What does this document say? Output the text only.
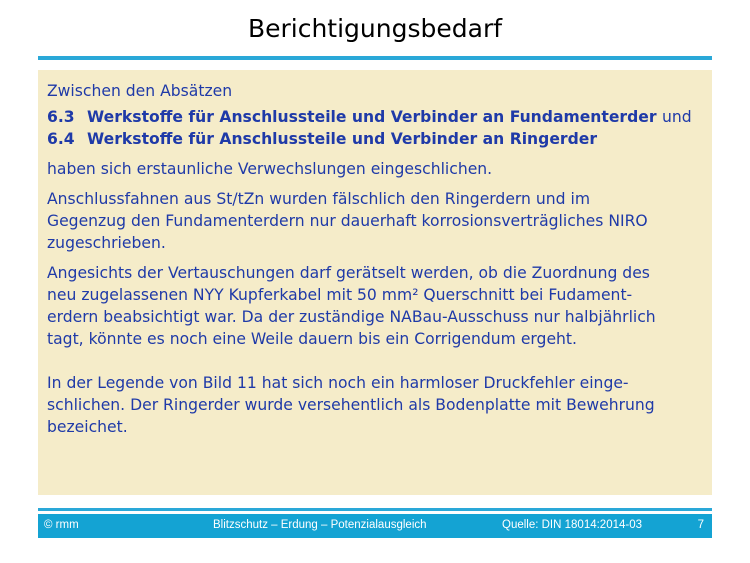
Berichtigungsbedarf

Zwischen den Absätzen

6.3 Werkstoffe für Anschlussteile und Verbinder an Fundamenterder und

6.4 Werkstoffe für Anschlussteile und Verbinder an Ringerder

haben sich erstaunliche Verwechslungen eingeschlichen.

Anschlussfahnen aus St/tZn wurden fälschlich den Ringerdern und im
Gegenzug den Fundamenterdern nur dauerhaft korrosionsverträgliches NIRO
zugeschrieben.

Angesichts der Vertauschungen darf gerätselt werden, ob die Zuordnung des
neu zugelassenen NYY Kupferkabel mit 50 mm² Querschnitt bei Fudament-
erdern beabsichtigt war. Da der zuständige NABau-Ausschuss nur halbjährlich
tagt, könnte es noch eine Weile dauern bis ein Corrigendum ergeht.

In der Legende von Bild 11 hat sich noch ein harmloser Druckfehler einge-
schlichen. Der Ringerder wurde versehentlich als Bodenplatte mit Bewehrung
bezeichet.

© rmm	Blitzschutz – Erdung – Potenzialausgleich	Quelle: DIN 18014:2014-03	7
